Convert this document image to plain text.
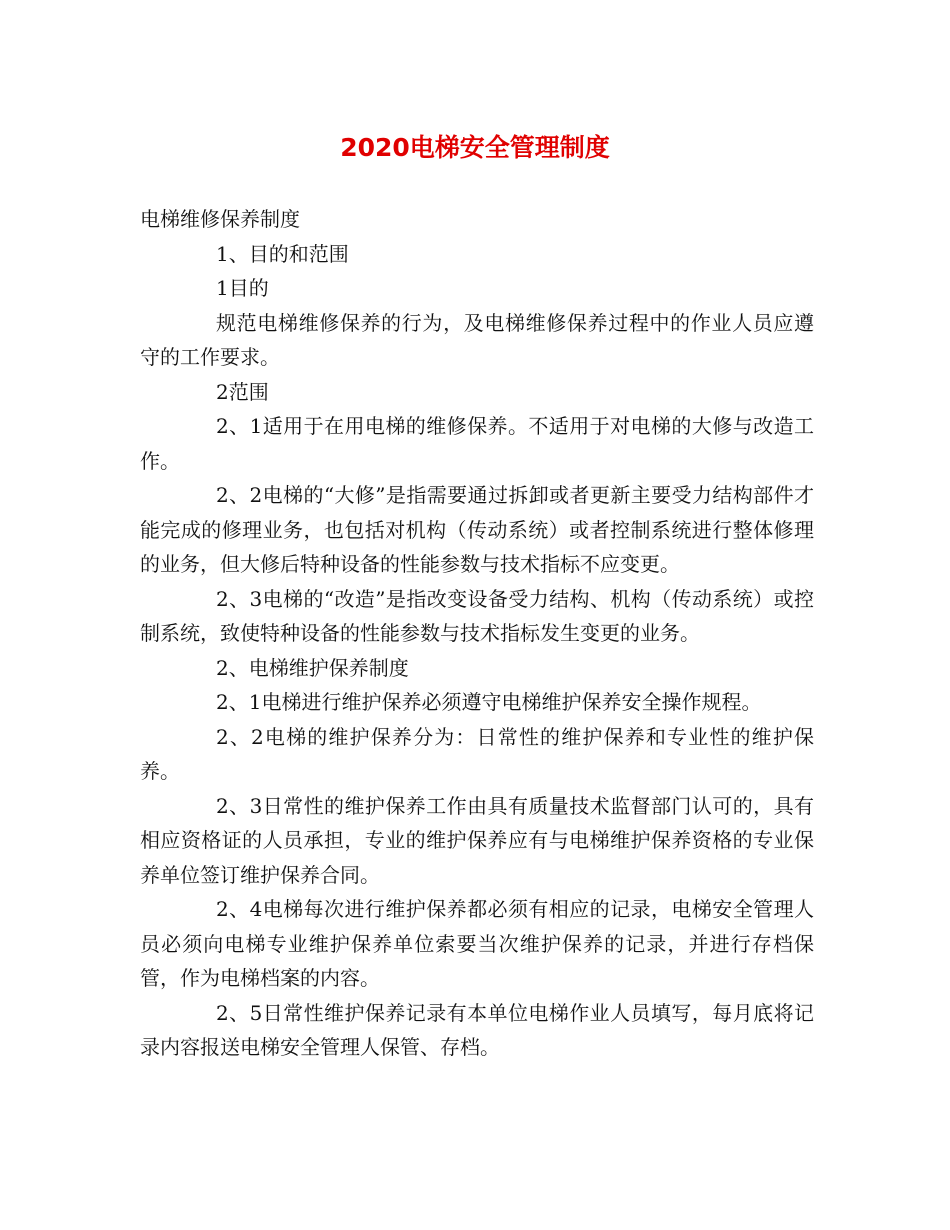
2020电梯安全管理制度

电梯维修保养制度

1、目的和范围

1目的

规范电梯维修保养的行为，及电梯维修保养过程中的作业人员应遵守的工作要求。

2范围

2、1适用于在用电梯的维修保养。不适用于对电梯的大修与改造工作。

2、2电梯的“大修”是指需要通过拆卸或者更新主要受力结构部件才能完成的修理业务，也包括对机构（传动系统）或者控制系统进行整体修理的业务，但大修后特种设备的性能参数与技术指标不应变更。

2、3电梯的“改造”是指改变设备受力结构、机构（传动系统）或控制系统，致使特种设备的性能参数与技术指标发生变更的业务。

2、电梯维护保养制度

2、1电梯进行维护保养必须遵守电梯维护保养安全操作规程。

2、2电梯的维护保养分为：日常性的维护保养和专业性的维护保养。

2、3日常性的维护保养工作由具有质量技术监督部门认可的，具有相应资格证的人员承担，专业的维护保养应有与电梯维护保养资格的专业保养单位签订维护保养合同。

2、4电梯每次进行维护保养都必须有相应的记录，电梯安全管理人员必须向电梯专业维护保养单位索要当次维护保养的记录，并进行存档保管，作为电梯档案的内容。

2、5日常性维护保养记录有本单位电梯作业人员填写，每月底将记录内容报送电梯安全管理人保管、存档。
